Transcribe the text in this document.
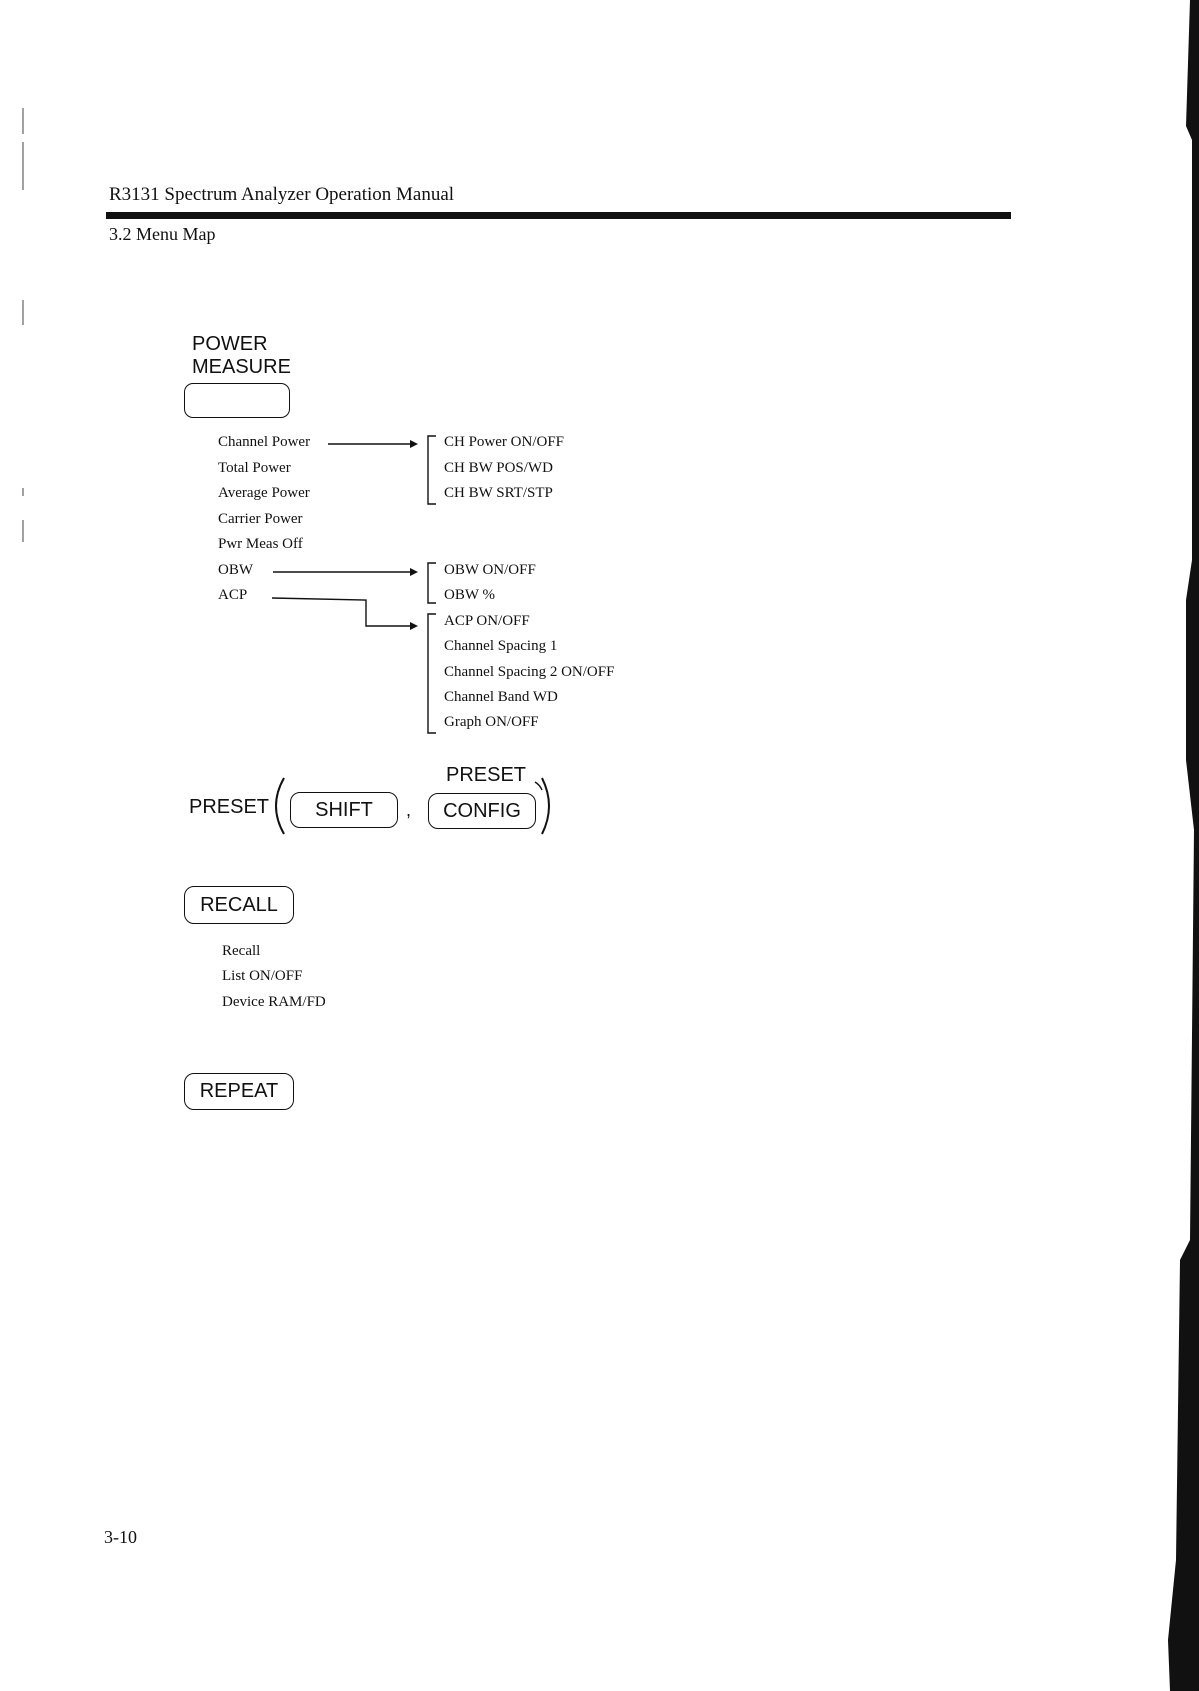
R3131 Spectrum Analyzer Operation Manual
3.2 Menu Map
POWER
MEASURE
Channel Power
Total Power
Average Power
Carrier Power
Pwr Meas Off
OBW
ACP
CH Power ON/OFF
CH BW POS/WD
CH BW SRT/STP
OBW ON/OFF
OBW %
ACP ON/OFF
Channel Spacing 1
Channel Spacing 2 ON/OFF
Channel Band WD
Graph ON/OFF
PRESET	SHIFT	,
PRESET
CONFIG
RECALL
Recall
List ON/OFF
Device RAM/FD
REPEAT
3-10
